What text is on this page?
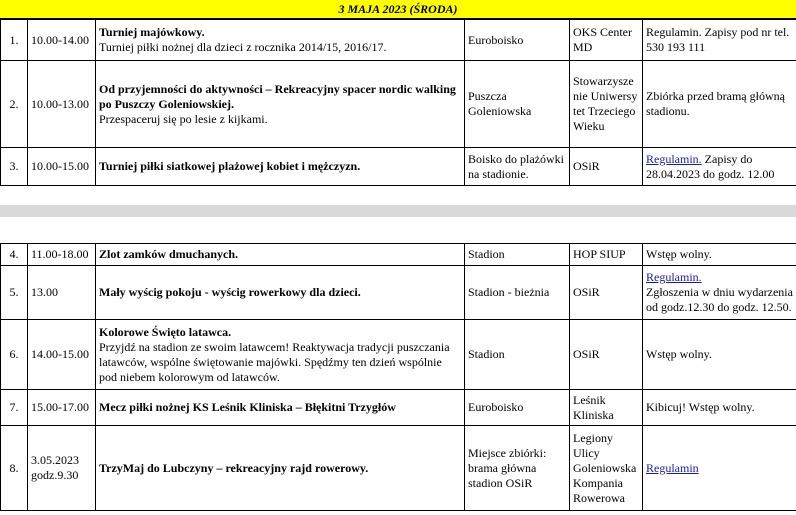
3 MAJA 2023 (ŚRODA)
1.	10.00-14.00	Turniej majówkowy.
Turniej piłki nożnej dla dzieci z rocznika 2014/15, 2016/17.	Euroboisko	OKS Center MD	Regulamin. Zapisy pod nr tel. 530 193 111
2.	10.00-13.00	Od przyjemności do aktywności – Rekreacyjny spacer nordic walking po Puszczy Goleniowskiej.
Przespaceruj się po lesie z kijkami.	Puszcza Goleniowska	Stowarzyszenie Uniwersytet Trzeciego Wieku	Zbiórka przed bramą główną stadionu.
3.	10.00-15.00	Turniej piłki siatkowej plażowej kobiet i mężczyzn.	Boisko do plażówki na stadionie.	OSiR	Regulamin. Zapisy do 28.04.2023 do godz. 12.00
4.	11.00-18.00	Zlot zamków dmuchanych.	Stadion	HOP SIUP	Wstęp wolny.
5.	13.00	Mały wyścig pokoju - wyścig rowerkowy dla dzieci.	Stadion - bieżnia	OSiR	Regulamin.
Zgłoszenia w dniu wydarzenia od godz.12.30 do godz. 12.50.
6.	14.00-15.00	Kolorowe Święto latawca.
Przyjdź na stadion ze swoim latawcem! Reaktywacja tradycji puszczania latawców, wspólne świętowanie majówki. Spędźmy ten dzień wspólnie pod niebem kolorowym od latawców.	Stadion	OSiR	Wstęp wolny.
7.	15.00-17.00	Mecz piłki nożnej KS Leśnik Kliniska – Błękitni Trzygłów	Euroboisko	Leśnik Kliniska	Kibicuj! Wstęp wolny.
8.	3.05.2023 godz.9.30	TrzyMaj do Lubczyny – rekreacyjny rajd rowerowy.	Miejsce zbiórki: brama główna stadion OSiR	Legiony Ulicy Goleniowska Kompania Rowerowa	Regulamin
